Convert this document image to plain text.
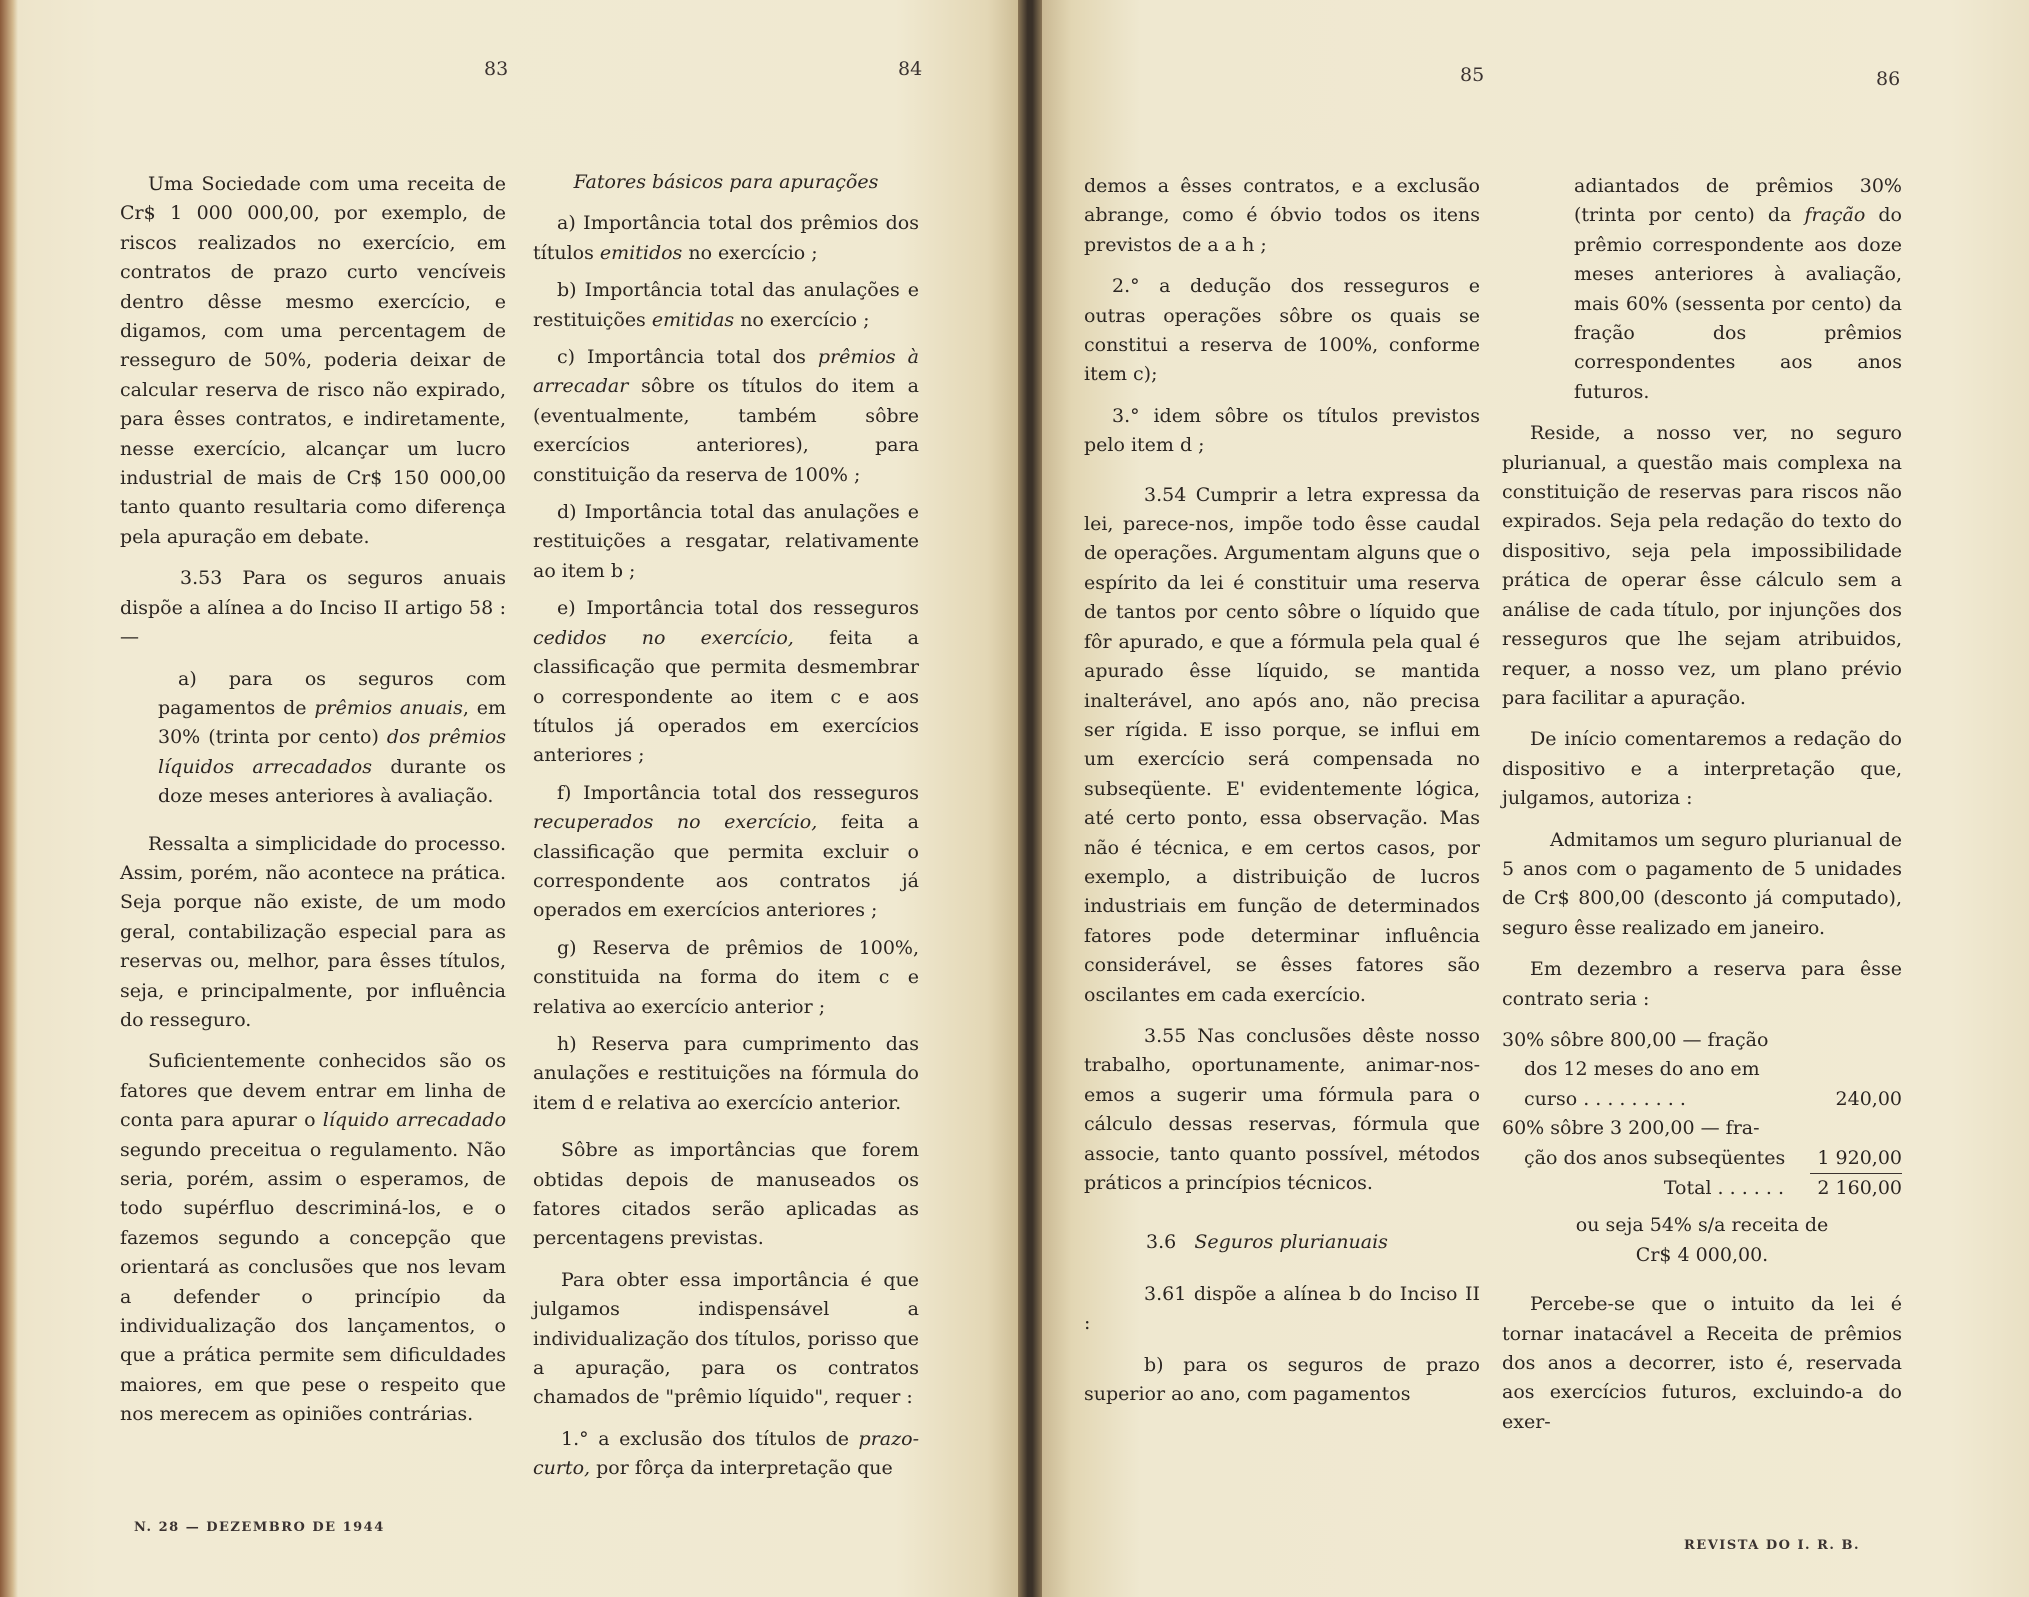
83	84

Uma Sociedade com uma receita de Cr$ 1 000 000,00, por exemplo, de riscos realizados no exercício, em contratos de prazo curto vencíveis dentro dêsse mesmo exercício, e digamos, com uma percentagem de resseguro de 50%, poderia deixar de calcular reserva de risco não expirado, para êsses contratos, e indiretamente, nesse exercício, alcançar um lucro industrial de mais de Cr$ 150 000,00 tanto quanto resultaria como diferença pela apuração em debate.

3.53 Para os seguros anuais dispõe a alínea a do Inciso II artigo 58 : —

a) para os seguros com pagamentos de prêmios anuais, em 30% (trinta por cento) dos prêmios líquidos arrecadados durante os doze meses anteriores à avaliação.

Ressalta a simplicidade do processo. Assim, porém, não acontece na prática. Seja porque não existe, de um modo geral, contabilização especial para as reservas ou, melhor, para êsses títulos, seja, e principalmente, por influência do resseguro.

Suficientemente conhecidos são os fatores que devem entrar em linha de conta para apurar o líquido arrecadado segundo preceitua o regulamento. Não seria, porém, assim o esperamos, de todo supérfluo descriminá-los, e o fazemos segundo a concepção que orientará as conclusões que nos levam a defender o princípio da individualização dos lançamentos, o que a prática permite sem dificuldades maiores, em que pese o respeito que nos merecem as opiniões contrárias.

Fatores básicos para apurações

a) Importância total dos prêmios dos títulos emitidos no exercício ;

b) Importância total das anulações e restituições emitidas no exercício ;

c) Importância total dos prêmios à arrecadar sôbre os títulos do item a (eventualmente, também sôbre exercícios anteriores), para constituição da reserva de 100% ;

d) Importância total das anulações e restituições a resgatar, relativamente ao item b ;

e) Importância total dos resseguros cedidos no exercício, feita a classificação que permita desmembrar o correspondente ao item c e aos títulos já operados em exercícios anteriores ;

f) Importância total dos resseguros recuperados no exercício, feita a classificação que permita excluir o correspondente aos contratos já operados em exercícios anteriores ;

g) Reserva de prêmios de 100%, constituida na forma do item c e relativa ao exercício anterior ;

h) Reserva para cumprimento das anulações e restituições na fórmula do item d e relativa ao exercício anterior.

Sôbre as importâncias que forem obtidas depois de manuseados os fatores citados serão aplicadas as percentagens previstas.

Para obter essa importância é que julgamos indispensável a individualização dos títulos, porisso que a apuração, para os contratos chamados de "prêmio líquido", requer :

1.° a exclusão dos títulos de prazo-curto, por fôrça da interpretação que

N. 28 — DEZEMBRO DE 1944
85	86

demos a êsses contratos, e a exclusão abrange, como é óbvio todos os itens previstos de a a h ;

2.° a dedução dos resseguros e outras operações sôbre os quais se constitui a reserva de 100%, conforme item c);

3.° idem sôbre os títulos previstos pelo item d ;

3.54 Cumprir a letra expressa da lei, parece-nos, impõe todo êsse caudal de operações. Argumentam alguns que o espírito da lei é constituir uma reserva de tantos por cento sôbre o líquido que fôr apurado, e que a fórmula pela qual é apurado êsse líquido, se mantida inalterável, ano após ano, não precisa ser rígida. E isso porque, se influi em um exercício será compensada no subseqüente. E' evidentemente lógica, até certo ponto, essa observação. Mas não é técnica, e em certos casos, por exemplo, a distribuição de lucros industriais em função de determinados fatores pode determinar influência considerável, se êsses fatores são oscilantes em cada exercício.

3.55 Nas conclusões dêste nosso trabalho, oportunamente, animar-nos-emos a sugerir uma fórmula para o cálculo dessas reservas, fórmula que associe, tanto quanto possível, métodos práticos a princípios técnicos.

3.6 Seguros plurianuais

3.61 dispõe a alínea b do Inciso II :

b) para os seguros de prazo superior ao ano, com pagamentos

adiantados de prêmios 30% (trinta por cento) da fração do prêmio correspondente aos doze meses anteriores à avaliação, mais 60% (sessenta por cento) da fração dos prêmios correspondentes aos anos futuros.

Reside, a nosso ver, no seguro plurianual, a questão mais complexa na constituição de reservas para riscos não expirados. Seja pela redação do texto do dispositivo, seja pela impossibilidade prática de operar êsse cálculo sem a análise de cada título, por injunções dos resseguros que lhe sejam atribuidos, requer, a nosso vez, um plano prévio para facilitar a apuração.

De início comentaremos a redação do dispositivo e a interpretação que, julgamos, autoriza :

Admitamos um seguro plurianual de 5 anos com o pagamento de 5 unidades de Cr$ 800,00 (desconto já computado), seguro êsse realizado em janeiro.

Em dezembro a reserva para êsse contrato seria :

30% sôbre 800,00 — fração	
dos 12 meses do ano em	
curso . . . . . . . . .	240,00
60% sôbre 3 200,00 — fra-	
ção dos anos subseqüentes	1 920,00
Total . . . . . .	2 160,00

ou seja 54% s/a receita de

Cr$ 4 000,00.

Percebe-se que o intuito da lei é tornar inatacável a Receita de prêmios dos anos a decorrer, isto é, reservada aos exercícios futuros, excluindo-a do exer-

REVISTA DO I. R. B.
